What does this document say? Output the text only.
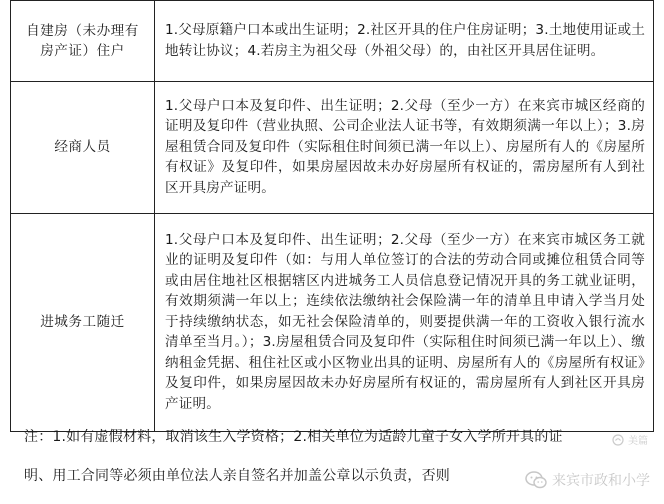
自建房（未办理有房产证）住户	1.父母原籍户口本或出生证明；2.社区开具的住户住房证明；3.土地使用证或土地转让协议；4.若房主为祖父母（外祖父母）的，由社区开具居住证明。
经商人员	1.父母户口本及复印件、出生证明；2.父母（至少一方）在来宾市城区经商的证明及复印件（营业执照、公司企业法人证书等，有效期须满一年以上）；3.房屋租赁合同及复印件（实际租住时间须已满一年以上）、房屋所有人的《房屋所有权证》及复印件，如果房屋因故未办好房屋所有权证的，需房屋所有人到社区开具房产证明。
进城务工随迁	1.父母户口本及复印件、出生证明；2.父母（至少一方）在来宾市城区务工就业的证明及复印件（如：与用人单位签订的合法的劳动合同或摊位租赁合同等或由居住地社区根据辖区内进城务工人员信息登记情况开具的务工就业证明，有效期须满一年以上；连续依法缴纳社会保险满一年的清单且申请入学当月处于持续缴纳状态，如无社会保险清单的，则要提供满一年的工资收入银行流水清单至当月。）；3.房屋租赁合同及复印件（实际租住时间须已满一年以上）、缴纳租金凭据、租住社区或小区物业出具的证明、房屋所有人的《房屋所有权证》及复印件，如果房屋因故未办好房屋所有权证的，需房屋所有人到社区开具房产证明。
注：1.如有虚假材料，取消该生入学资格；2.相关单位为适龄儿童子女入学所开具的证
明、用工合同等必须由单位法人亲自签名并加盖公章以示负责，否则
美篇
来宾市政和小学
